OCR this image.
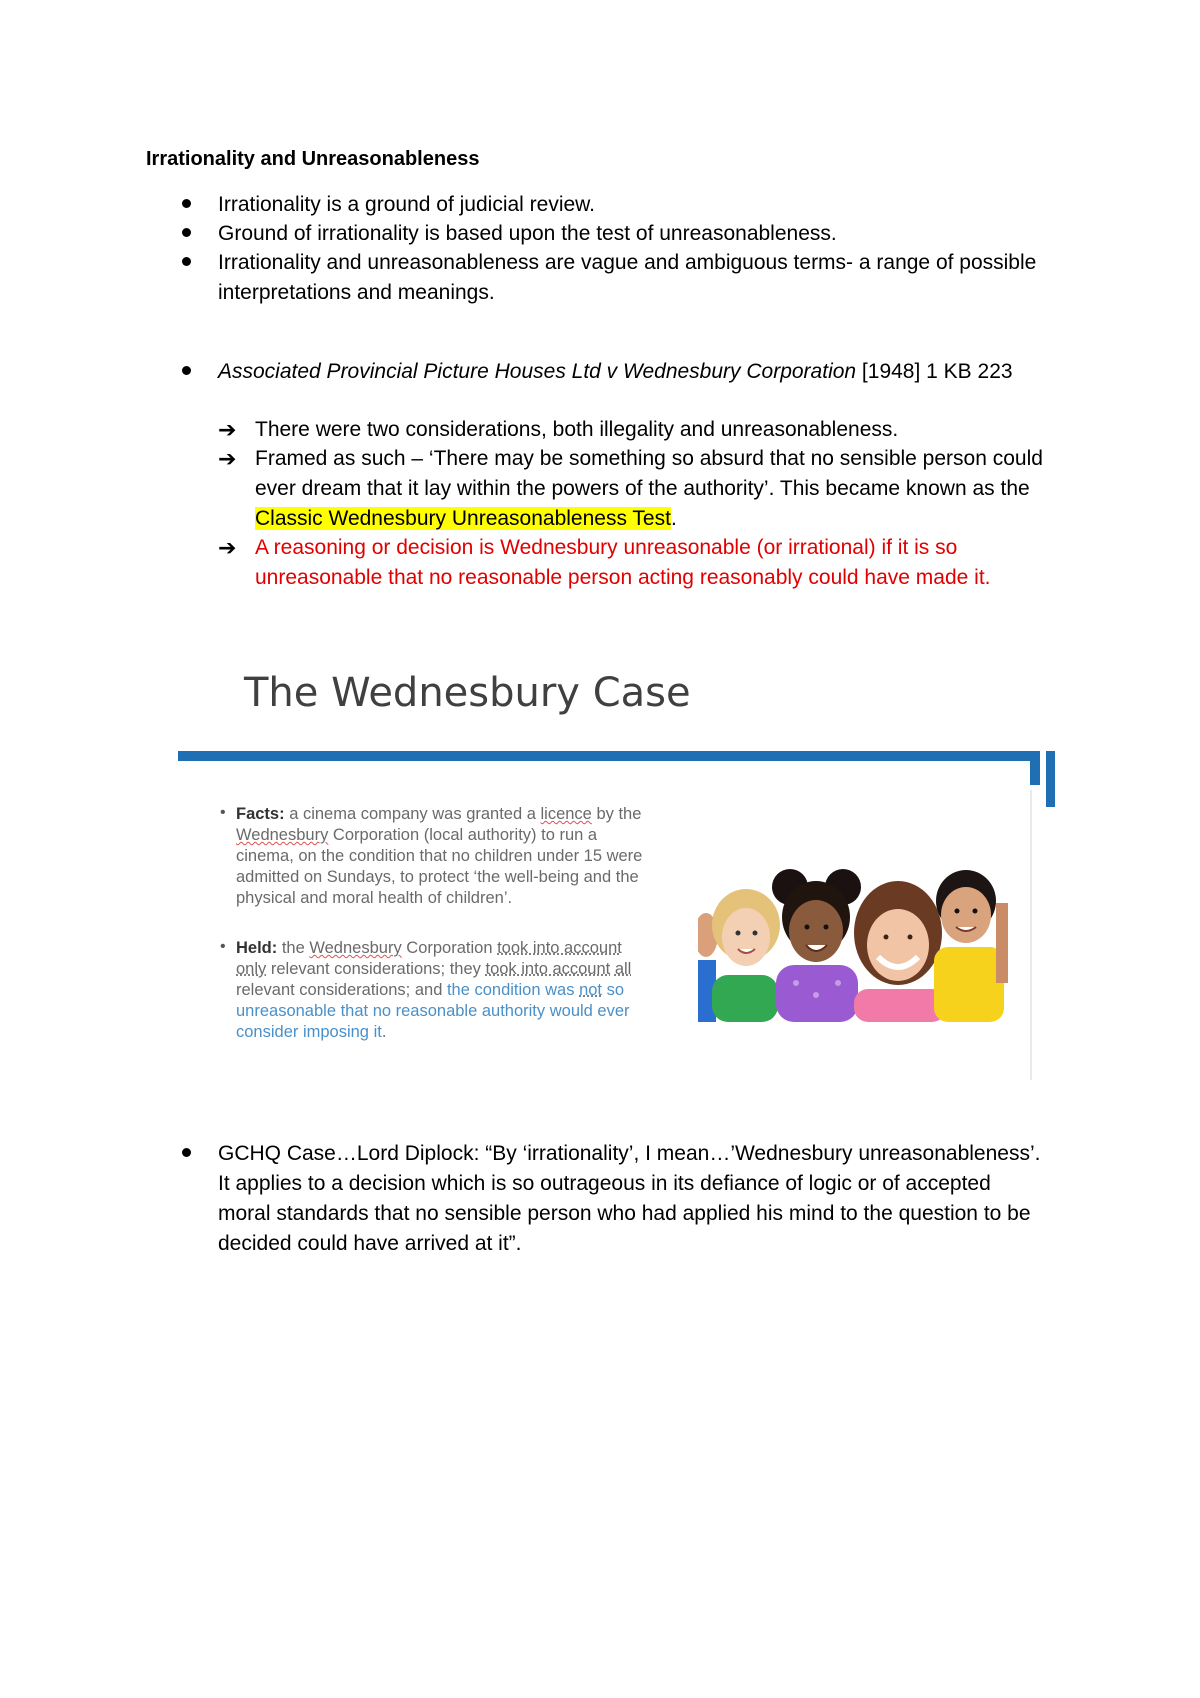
Irrationality and Unreasonableness
Irrationality is a ground of judicial review.
Ground of irrationality is based upon the test of unreasonableness.
Irrationality and unreasonableness are vague and ambiguous terms- a range of possible interpretations and meanings.
Associated Provincial Picture Houses Ltd v Wednesbury Corporation [1948] 1 KB 223
➔ There were two considerations, both illegality and unreasonableness.
➔ Framed as such – ‘There may be something so absurd that no sensible person could ever dream that it lay within the powers of the authority’. This became known as the Classic Wednesbury Unreasonableness Test.
➔ A reasoning or decision is Wednesbury unreasonable (or irrational) if it is so unreasonable that no reasonable person acting reasonably could have made it.
The Wednesbury Case
• Facts: a cinema company was granted a licence by the Wednesbury Corporation (local authority) to run a cinema, on the condition that no children under 15 were admitted on Sundays, to protect ‘the well-being and the physical and moral health of children’.
• Held: the Wednesbury Corporation took into account only relevant considerations; they took into account all relevant considerations; and the condition was not so unreasonable that no reasonable authority would ever consider imposing it.
GCHQ Case…Lord Diplock: “By ‘irrationality’, I mean…’Wednesbury unreasonableness’. It applies to a decision which is so outrageous in its defiance of logic or of accepted moral standards that no sensible person who had applied his mind to the question to be decided could have arrived at it”.
